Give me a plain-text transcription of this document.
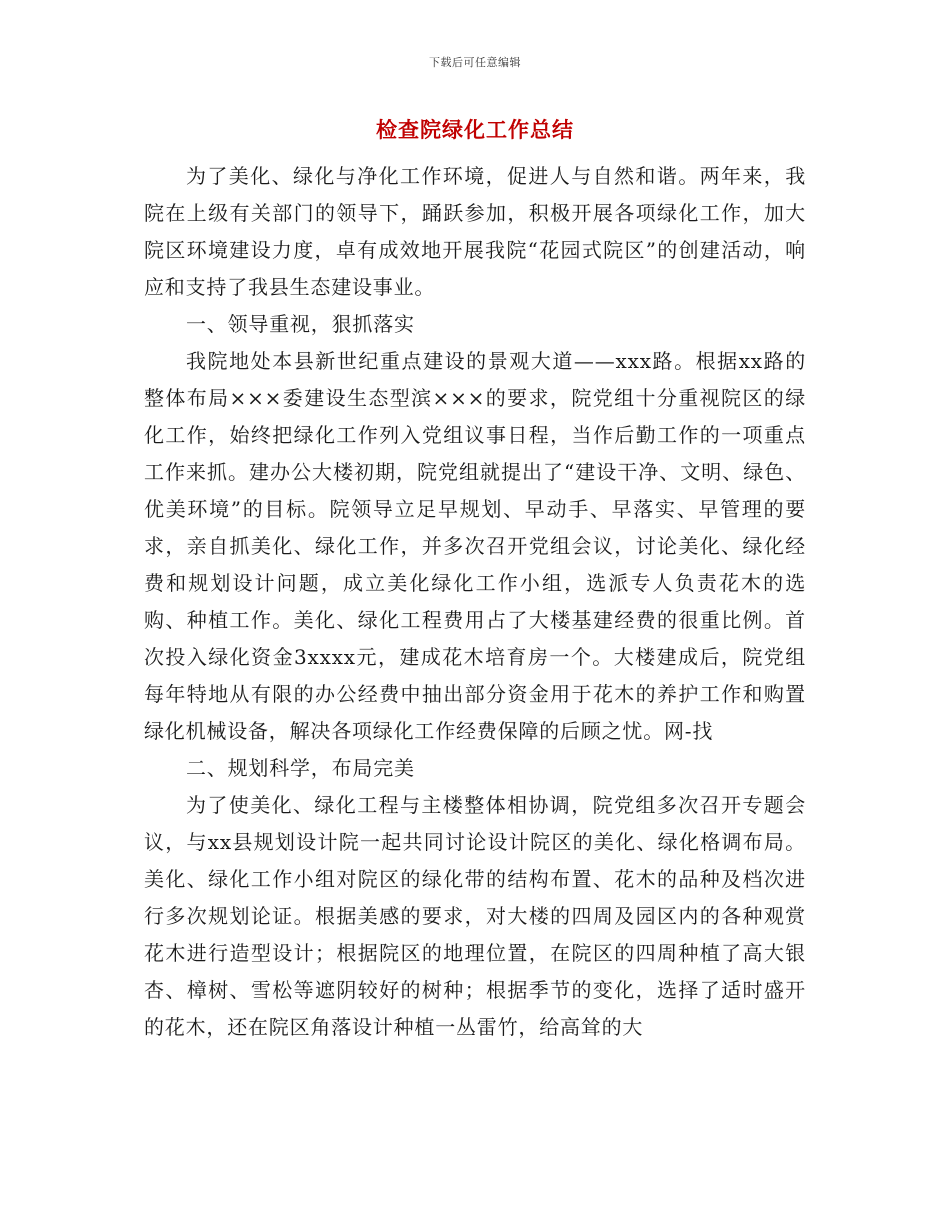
下载后可任意编辑
检查院绿化工作总结

为了美化、绿化与净化工作环境，促进人与自然和谐。两年来，我院在上级有关部门的领导下，踊跃参加，积极开展各项绿化工作，加大院区环境建设力度，卓有成效地开展我院“花园式院区”的创建活动，响应和支持了我县生态建设事业。

一、领导重视，狠抓落实

我院地处本县新世纪重点建设的景观大道——xxx路。根据xx路的整体布局×××委建设生态型滨×××的要求，院党组十分重视院区的绿化工作，始终把绿化工作列入党组议事日程，当作后勤工作的一项重点工作来抓。建办公大楼初期，院党组就提出了“建设干净、文明、绿色、优美环境”的目标。院领导立足早规划、早动手、早落实、早管理的要求，亲自抓美化、绿化工作，并多次召开党组会议，讨论美化、绿化经费和规划设计问题，成立美化绿化工作小组，选派专人负责花木的选购、种植工作。美化、绿化工程费用占了大楼基建经费的很重比例。首次投入绿化资金3xxxx元，建成花木培育房一个。大楼建成后，院党组每年特地从有限的办公经费中抽出部分资金用于花木的养护工作和购置绿化机械设备，解决各项绿化工作经费保障的后顾之忧。网-找

二、规划科学，布局完美

为了使美化、绿化工程与主楼整体相协调，院党组多次召开专题会议，与xx县规划设计院一起共同讨论设计院区的美化、绿化格调布局。美化、绿化工作小组对院区的绿化带的结构布置、花木的品种及档次进行多次规划论证。根据美感的要求，对大楼的四周及园区内的各种观赏花木进行造型设计；根据院区的地理位置，在院区的四周种植了高大银杏、樟树、雪松等遮阴较好的树种；根据季节的变化，选择了适时盛开的花木，还在院区角落设计种植一丛雷竹，给高耸的大
